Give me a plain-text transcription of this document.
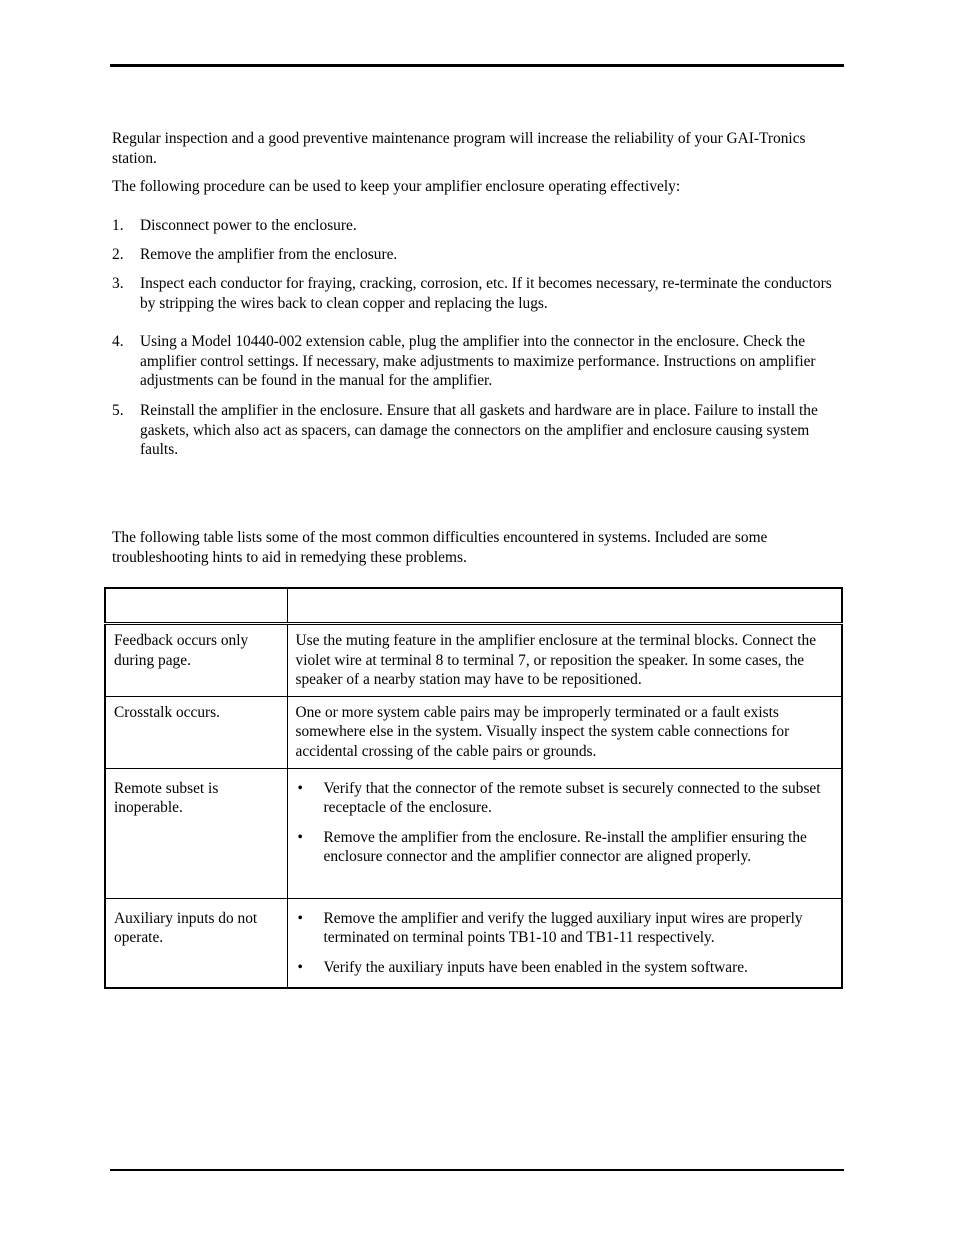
Regular inspection and a good preventive maintenance program will increase the reliability of your GAI-Tronics station.

The following procedure can be used to keep your amplifier enclosure operating effectively:

1. Disconnect power to the enclosure.
2. Remove the amplifier from the enclosure.
3. Inspect each conductor for fraying, cracking, corrosion, etc. If it becomes necessary, re-terminate the conductors by stripping the wires back to clean copper and replacing the lugs.
4. Using a Model 10440-002 extension cable, plug the amplifier into the connector in the enclosure. Check the amplifier control settings. If necessary, make adjustments to maximize performance. Instructions on amplifier adjustments can be found in the manual for the amplifier.
5. Reinstall the amplifier in the enclosure. Ensure that all gaskets and hardware are in place. Failure to install the gaskets, which also act as spacers, can damage the connectors on the amplifier and enclosure causing system faults.

The following table lists some of the most common difficulties encountered in systems. Included are some troubleshooting hints to aid in remedying these problems.

Feedback occurs only during page.	Use the muting feature in the amplifier enclosure at the terminal blocks. Connect the violet wire at terminal 8 to terminal 7, or reposition the speaker. In some cases, the speaker of a nearby station may have to be repositioned.

Crosstalk occurs.	One or more system cable pairs may be improperly terminated or a fault exists somewhere else in the system. Visually inspect the system cable connections for accidental crossing of the cable pairs or grounds.

Remote subset is inoperable.	• Verify that the connector of the remote subset is securely connected to the subset receptacle of the enclosure.

• Remove the amplifier from the enclosure. Re-install the amplifier ensuring the enclosure connector and the amplifier connector are aligned properly.

Auxiliary inputs do not operate.	• Remove the amplifier and verify the lugged auxiliary input wires are properly terminated on terminal points TB1-10 and TB1-11 respectively.

• Verify the auxiliary inputs have been enabled in the system software.
